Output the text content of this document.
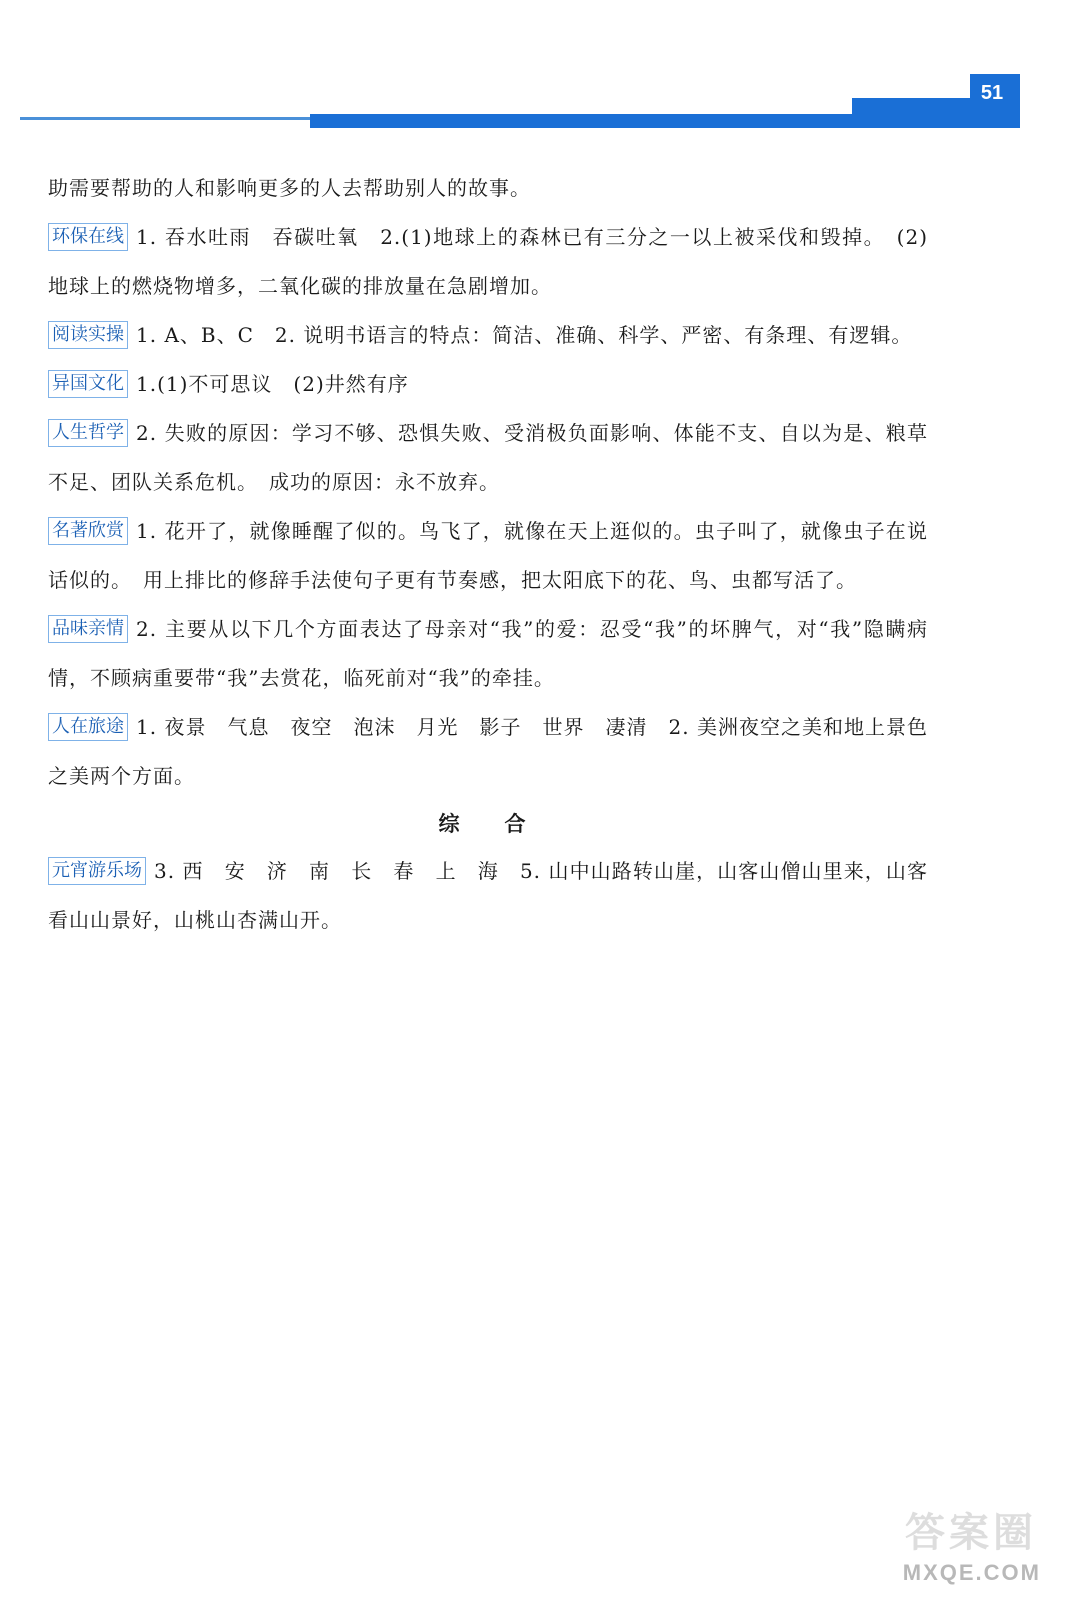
51

助需要帮助的人和影响更多的人去帮助别人的故事。

环保在线 1. 吞水吐雨　吞碳吐氧　2.(1)地球上的森林已有三分之一以上被采伐和毁掉。　(2)地球上的燃烧物增多，二氧化碳的排放量在急剧增加。

阅读实操 1. A、B、C　2. 说明书语言的特点：简洁、准确、科学、严密、有条理、有逻辑。

异国文化 1.(1)不可思议　(2)井然有序

人生哲学 2. 失败的原因：学习不够、恐惧失败、受消极负面影响、体能不支、自以为是、粮草不足、团队关系危机。　成功的原因：永不放弃。

名著欣赏 1. 花开了，就像睡醒了似的。鸟飞了，就像在天上逛似的。虫子叫了，就像虫子在说话似的。　用上排比的修辞手法使句子更有节奏感，把太阳底下的花、鸟、虫都写活了。

品味亲情 2. 主要从以下几个方面表达了母亲对“我”的爱：忍受“我”的坏脾气，对“我”隐瞒病情，不顾病重要带“我”去赏花，临死前对“我”的牵挂。

人在旅途 1. 夜景　气息　夜空　泡沫　月光　影子　世界　凄清　2. 美洲夜空之美和地上景色之美两个方面。

综　合

元宵游乐场 3. 西　安　济　南　长　春　上　海　5. 山中山路转山崖，山客山僧山里来，山客看山山景好，山桃山杏满山开。

答案圈
MXQE.COM
